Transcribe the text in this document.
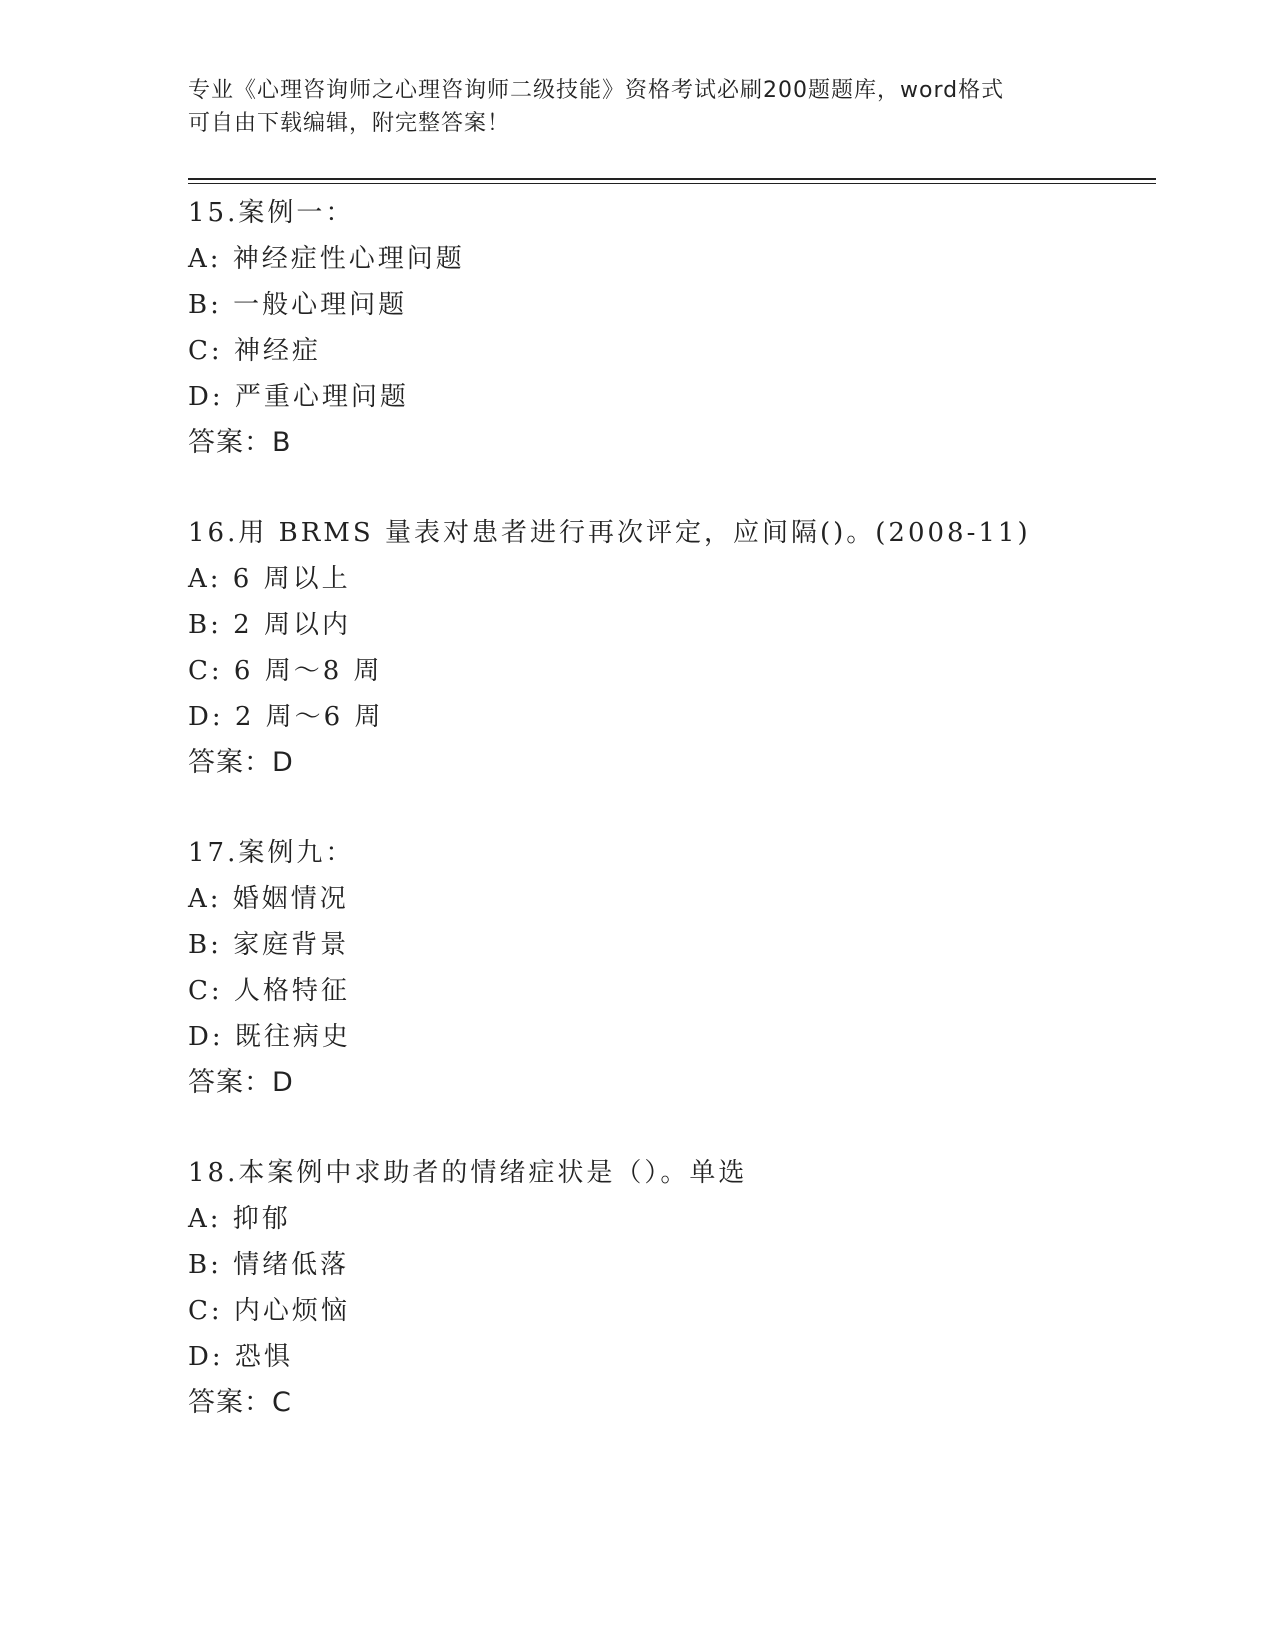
专业《心理咨询师之心理咨询师二级技能》资格考试必刷200题题库，word格式
可自由下载编辑，附完整答案！
15.案例一：
A: 神经症性心理问题
B: 一般心理问题
C: 神经症
D: 严重心理问题
答案：B
16.用 BRMS 量表对患者进行再次评定，应间隔()。(2008-11)
A: 6 周以上
B: 2 周以内
C: 6 周～8 周
D: 2 周～6 周
答案：D
17.案例九：
A: 婚姻情况
B: 家庭背景
C: 人格特征
D: 既往病史
答案：D
18.本案例中求助者的情绪症状是（）。单选
A: 抑郁
B: 情绪低落
C: 内心烦恼
D: 恐惧
答案：C
